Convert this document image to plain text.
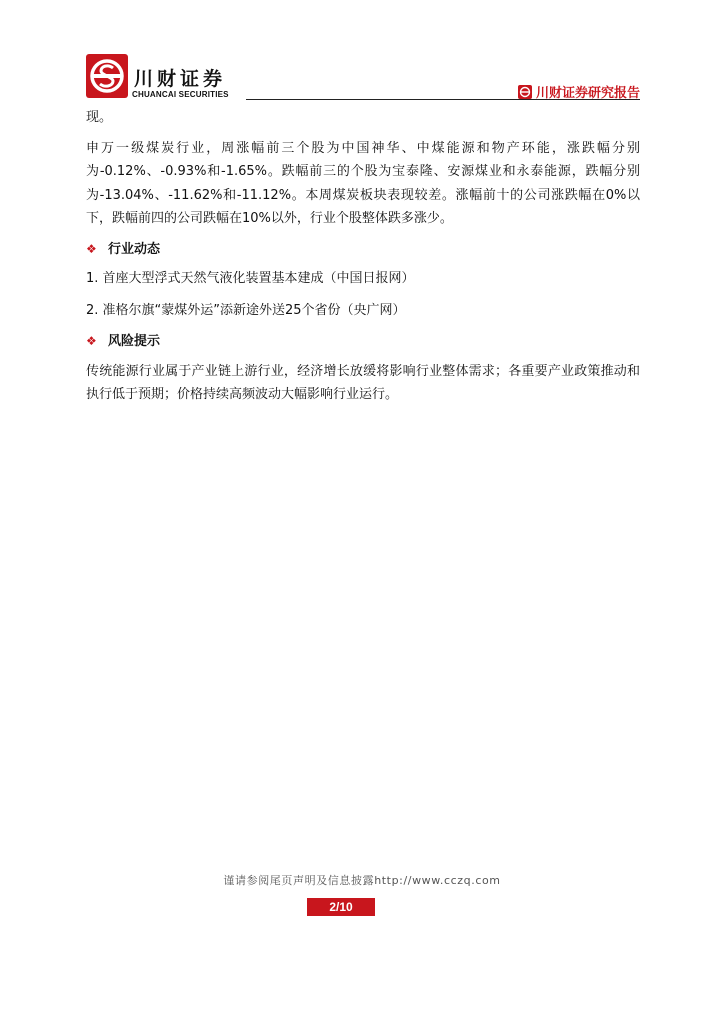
川财证券
CHUANCAI SECURITIES	川财证券研究报告

现。

申万一级煤炭行业，周涨幅前三个股为中国神华、中煤能源和物产环能，涨跌幅分别为-0.12%、-0.93%和-1.65%。跌幅前三的个股为宝泰隆、安源煤业和永泰能源，跌幅分别为-13.04%、-11.62%和-11.12%。本周煤炭板块表现较差。涨幅前十的公司涨跌幅在0%以下，跌幅前四的公司跌幅在10%以外，行业个股整体跌多涨少。

❖ 行业动态

1. 首座大型浮式天然气液化装置基本建成（中国日报网）

2. 准格尔旗“蒙煤外运”添新途外送25个省份（央广网）

❖ 风险提示

传统能源行业属于产业链上游行业，经济增长放缓将影响行业整体需求；各重要产业政策推动和执行低于预期；价格持续高频波动大幅影响行业运行。

谨请参阅尾页声明及信息披露http://www.cczq.com
2/10
